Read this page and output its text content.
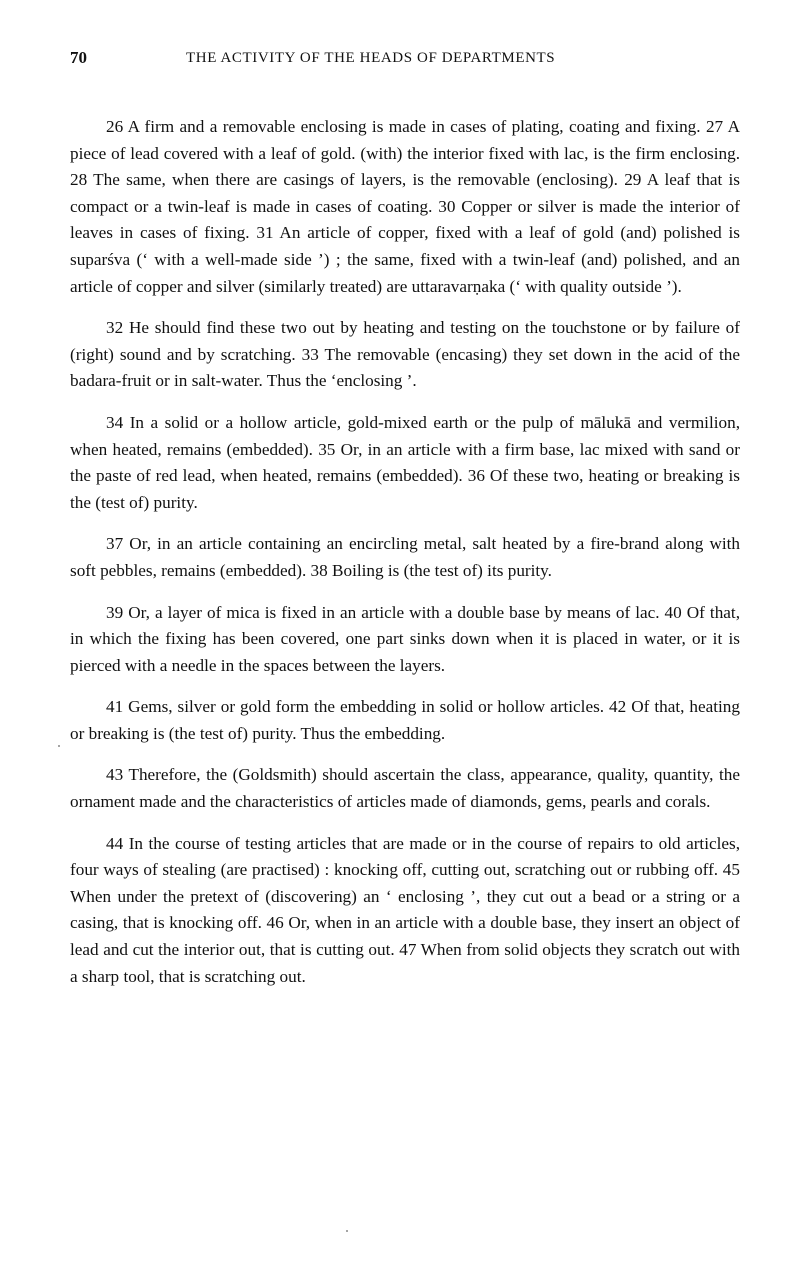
70	THE ACTIVITY OF THE HEADS OF DEPARTMENTS

26 A firm and a removable enclosing is made in cases of plating, coating and fixing. 27 A piece of lead covered with a leaf of gold. (with) the interior fixed with lac, is the firm enclosing. 28 The same, when there are casings of layers, is the removable (enclosing). 29 A leaf that is compact or a twin-leaf is made in cases of coating. 30 Copper or silver is made the interior of leaves in cases of fixing. 31 An article of copper, fixed with a leaf of gold (and) polished is suparśva (‘ with a well-made side ’) ; the same, fixed with a twin-leaf (and) polished, and an article of copper and silver (similarly treated) are uttaravarṇaka (‘ with quality outside ’).

32 He should find these two out by heating and testing on the touchstone or by failure of (right) sound and by scratching. 33 The removable (encasing) they set down in the acid of the badara-fruit or in salt-water. Thus the ‘enclosing ’.

34 In a solid or a hollow article, gold-mixed earth or the pulp of mālukā and vermilion, when heated, remains (embedded). 35 Or, in an article with a firm base, lac mixed with sand or the paste of red lead, when heated, remains (embedded). 36 Of these two, heating or breaking is the (test of) purity.

37 Or, in an article containing an encircling metal, salt heated by a fire-brand along with soft pebbles, remains (embedded). 38 Boiling is (the test of) its purity.

39 Or, a layer of mica is fixed in an article with a double base by means of lac. 40 Of that, in which the fixing has been covered, one part sinks down when it is placed in water, or it is pierced with a needle in the spaces between the layers.

41 Gems, silver or gold form the embedding in solid or hollow articles. 42 Of that, heating or breaking is (the test of) purity. Thus the embedding.

43 Therefore, the (Goldsmith) should ascertain the class, appearance, quality, quantity, the ornament made and the characteristics of articles made of diamonds, gems, pearls and corals.

44 In the course of testing articles that are made or in the course of repairs to old articles, four ways of stealing (are practised) : knocking off, cutting out, scratching out or rubbing off. 45 When under the pretext of (discovering) an ‘ enclosing ’, they cut out a bead or a string or a casing, that is knocking off. 46 Or, when in an article with a double base, they insert an object of lead and cut the interior out, that is cutting out. 47 When from solid objects they scratch out with a sharp tool, that is scratching out.
